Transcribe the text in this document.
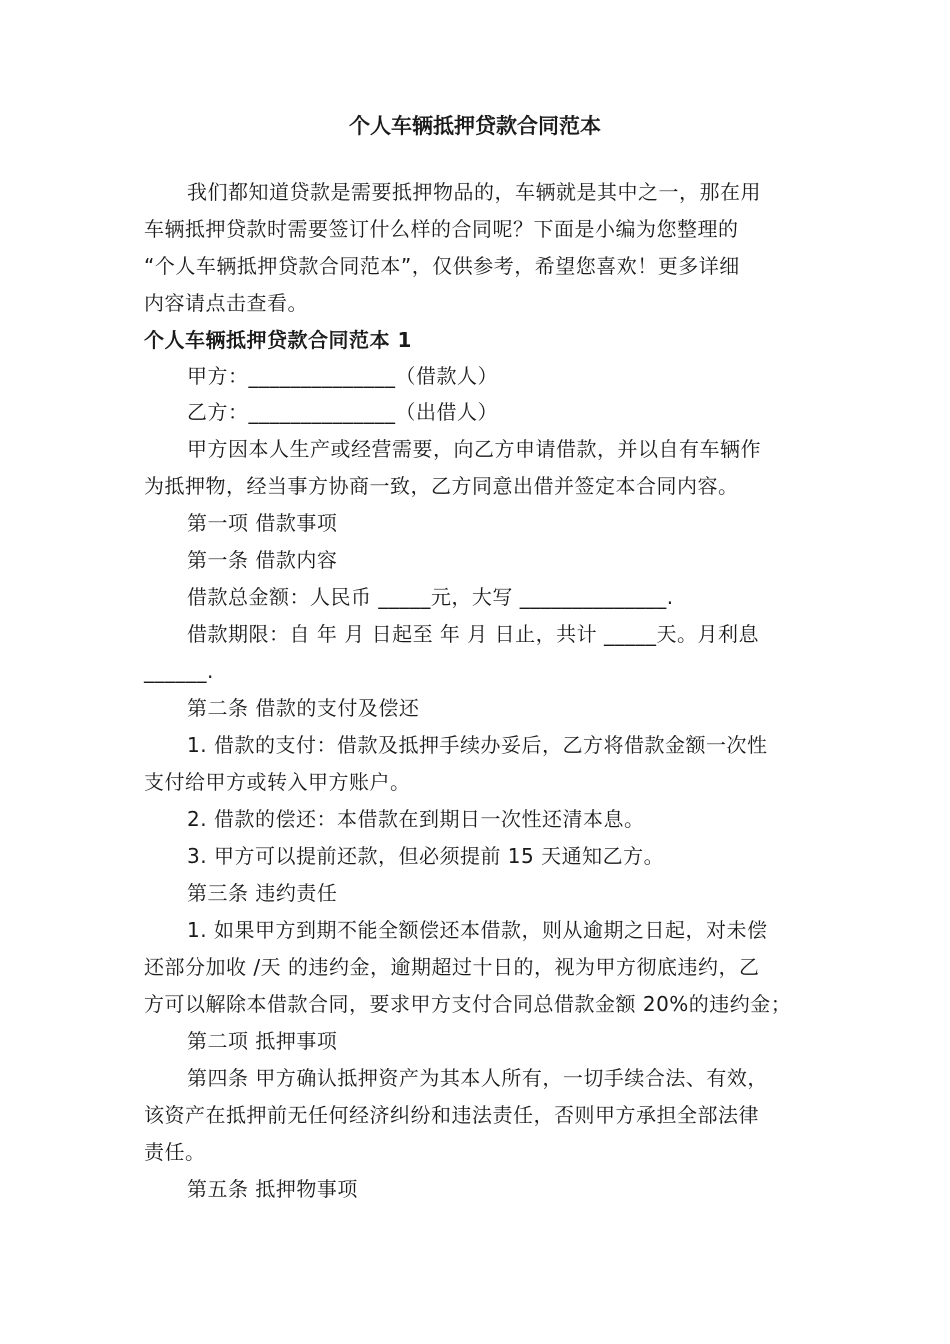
个人车辆抵押贷款合同范本
我们都知道贷款是需要抵押物品的，车辆就是其中之一，那在用
车辆抵押贷款时需要签订什么样的合同呢？下面是小编为您整理的
“个人车辆抵押贷款合同范本”，仅供参考，希望您喜欢！更多详细
内容请点击查看。
个人车辆抵押贷款合同范本 1
甲方：______________（借款人）
乙方：______________（出借人）
甲方因本人生产或经营需要，向乙方申请借款，并以自有车辆作
为抵押物，经当事方协商一致，乙方同意出借并签定本合同内容。
第一项 借款事项
第一条 借款内容
借款总金额：人民币 _____元，大写 ______________.
借款期限：自 年 月 日起至 年 月 日止，共计 _____天。月利息
______.
第二条 借款的支付及偿还
1. 借款的支付：借款及抵押手续办妥后，乙方将借款金额一次性
支付给甲方或转入甲方账户。
2. 借款的偿还：本借款在到期日一次性还清本息。
3. 甲方可以提前还款，但必须提前 15 天通知乙方。
第三条 违约责任
1. 如果甲方到期不能全额偿还本借款，则从逾期之日起，对未偿
还部分加收 /天 的违约金，逾期超过十日的，视为甲方彻底违约，乙
方可以解除本借款合同，要求甲方支付合同总借款金额 20%的违约金；
第二项 抵押事项
第四条 甲方确认抵押资产为其本人所有，一切手续合法、有效，
该资产在抵押前无任何经济纠纷和违法责任，否则甲方承担全部法律
责任。
第五条 抵押物事项
